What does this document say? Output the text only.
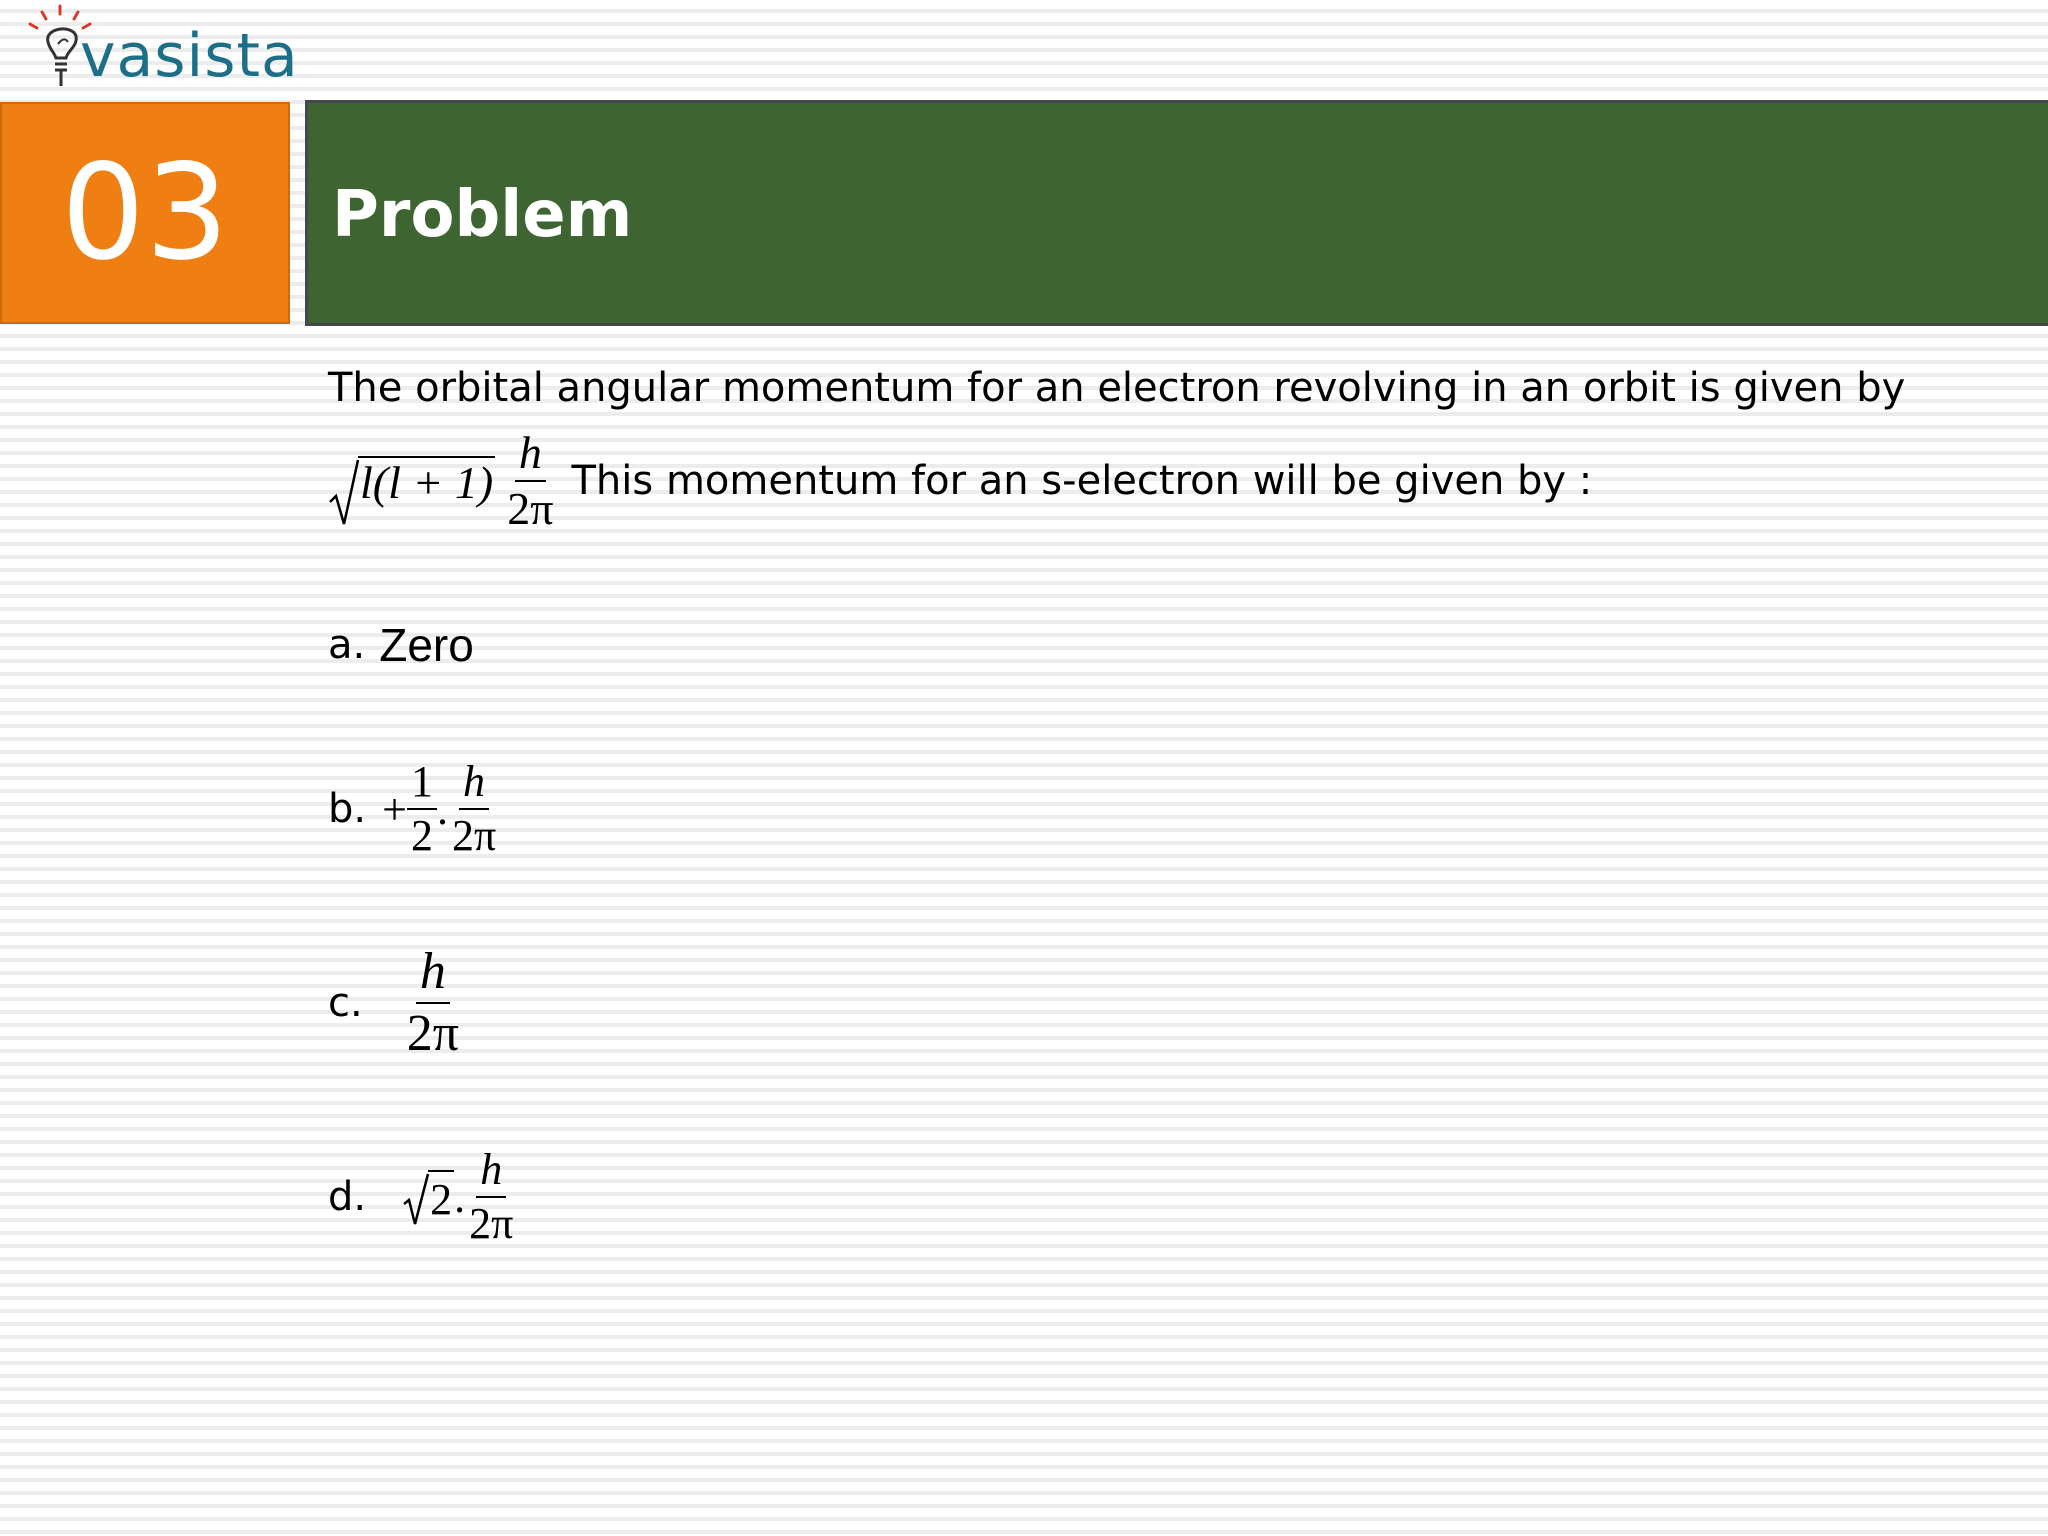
vasista
03 Problem
The orbital angular momentum for an electron revolving in an orbit is given by
$l(l + 1) \frac{h}{2\pi}$ This momentum for an s-electron will be given by :
a. Zero
b. + $\frac{1}{2}$ . $\frac{h}{2\pi}$
c. $\frac{h}{2\pi}$
d.	2 . $\frac{h}{2\pi}$
